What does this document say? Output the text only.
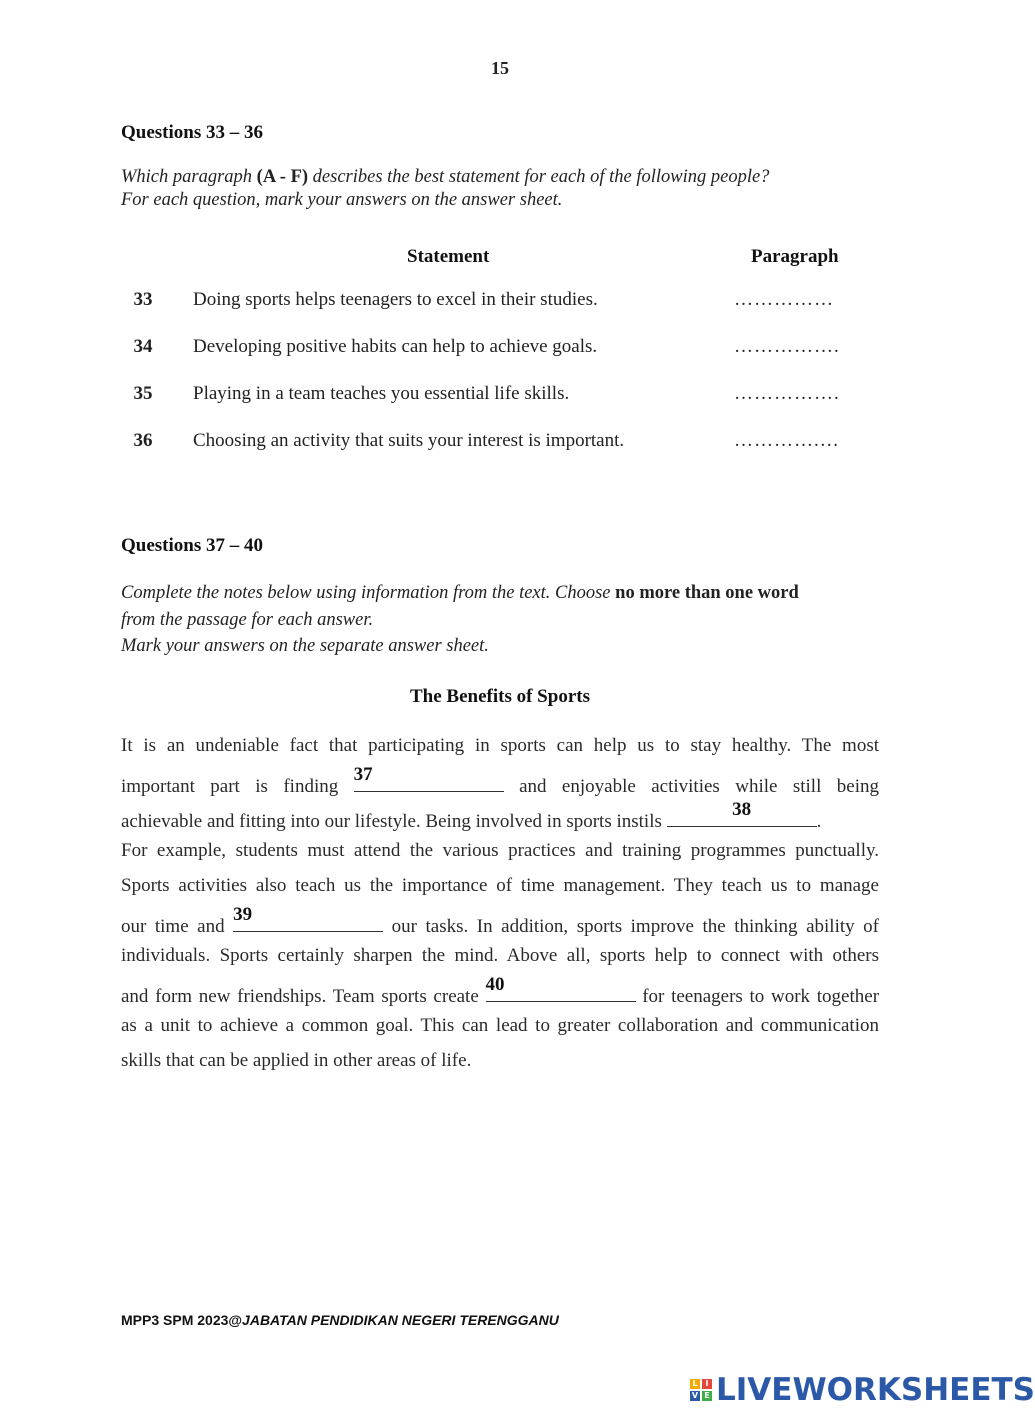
15
Questions 33 – 36
Which paragraph (A - F) describes the best statement for each of the following people?
For each question, mark your answers on the answer sheet.
Statement	Paragraph
33	Doing sports helps teenagers to excel in their studies.	……………
34	Developing positive habits can help to achieve goals.	…………….
35	Playing in a team teaches you essential life skills.	…………….
36	Choosing an activity that suits your interest is important.	………….…
Questions 37 – 40
Complete the notes below using information from the text. Choose no more than one word
from the passage for each answer.
Mark your answers on the separate answer sheet.
The Benefits of Sports
It is an undeniable fact that participating in sports can help us to stay healthy. The most
important part is finding
37
and enjoyable activities while still being
achievable and fitting into our lifestyle. Being involved in sports instils
38
.
For example, students must attend the various practices and training programmes punctually.
Sports activities also teach us the importance of time management. They teach us to manage
our time and
39
our tasks. In addition, sports improve the thinking ability of
individuals. Sports certainly sharpen the mind. Above all, sports help to connect with others
and form new friendships. Team sports create
40
for teenagers to work together
as a unit to achieve a common goal. This can lead to greater collaboration and communication
skills that can be applied in other areas of life.
MPP3 SPM 2023@JABATAN PENDIDIKAN NEGERI TERENGGANU
L I
V E LIVEWORKSHEETS
